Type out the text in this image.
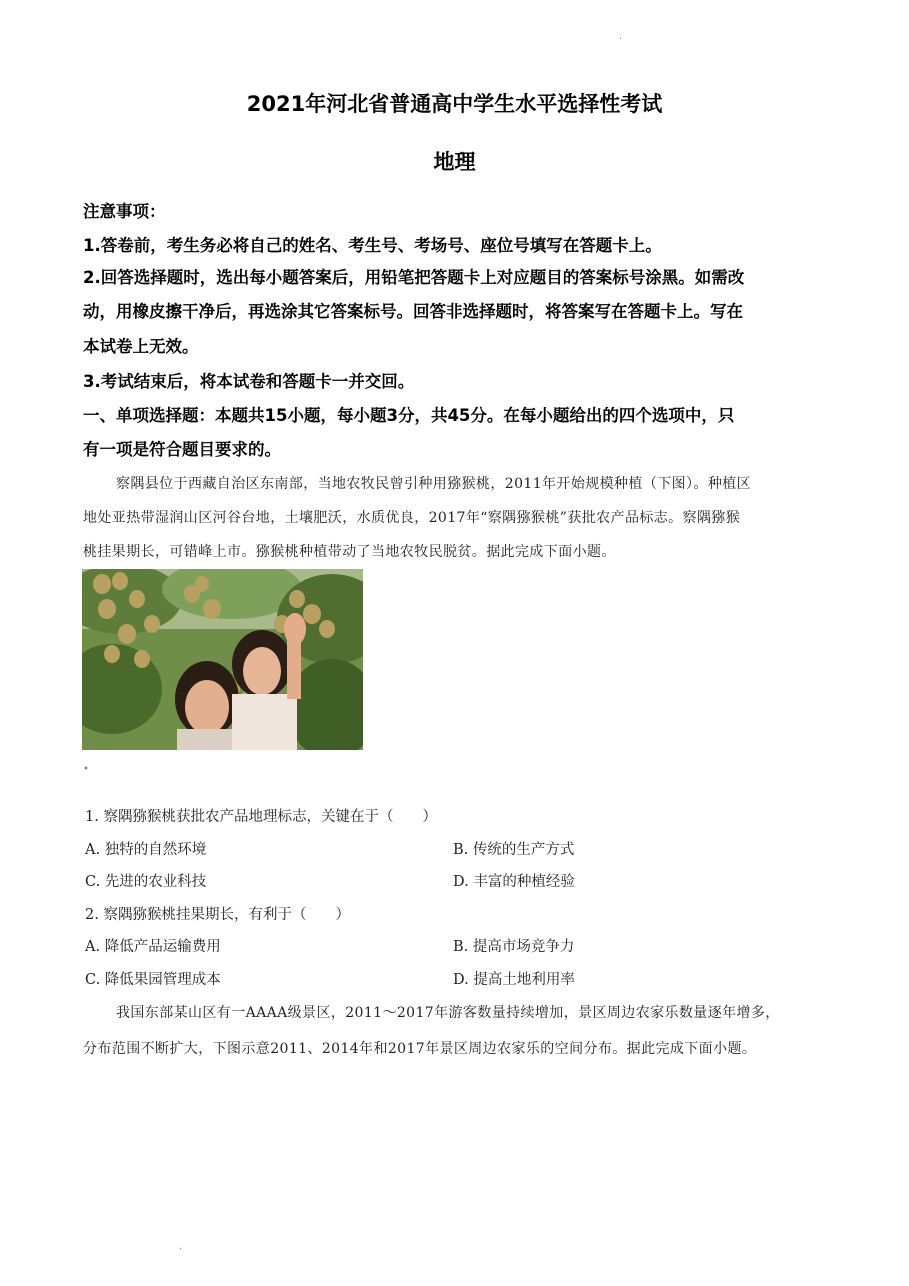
2021年河北省普通高中学生水平选择性考试
地理
注意事项：
1.答卷前，考生务必将自己的姓名、考生号、考场号、座位号填写在答题卡上。
2.回答选择题时，选出每小题答案后，用铅笔把答题卡上对应题目的答案标号涂黑。如需改
动，用橡皮擦干净后，再选涂其它答案标号。回答非选择题时，将答案写在答题卡上。写在
本试卷上无效。
3.考试结束后，将本试卷和答题卡一并交回。
一、单项选择题：本题共15小题，每小题3分，共45分。在每小题给出的四个选项中，只
有一项是符合题目要求的。
察隅县位于西藏自治区东南部，当地农牧民曾引种用猕猴桃，2011年开始规模种植（下图）。种植区
地处亚热带湿润山区河谷台地，土壤肥沃，水质优良，2017年“察隅猕猴桃”获批农产品标志。察隅猕猴
桃挂果期长，可错峰上市。猕猴桃种植带动了当地农牧民脱贫。据此完成下面小题。
•
·
·
1. 察隅猕猴桃获批农产品地理标志，关键在于（　　）
A. 独特的自然环境	B. 传统的生产方式
C. 先进的农业科技	D. 丰富的种植经验
2. 察隅猕猴桃挂果期长，有利于（　　）
A. 降低产品运输费用	B. 提高市场竞争力
C. 降低果园管理成本	D. 提高土地利用率
我国东部某山区有一AAAA级景区，2011～2017年游客数量持续增加，景区周边农家乐数量逐年增多，
分布范围不断扩大，下图示意2011、2014年和2017年景区周边农家乐的空间分布。据此完成下面小题。
